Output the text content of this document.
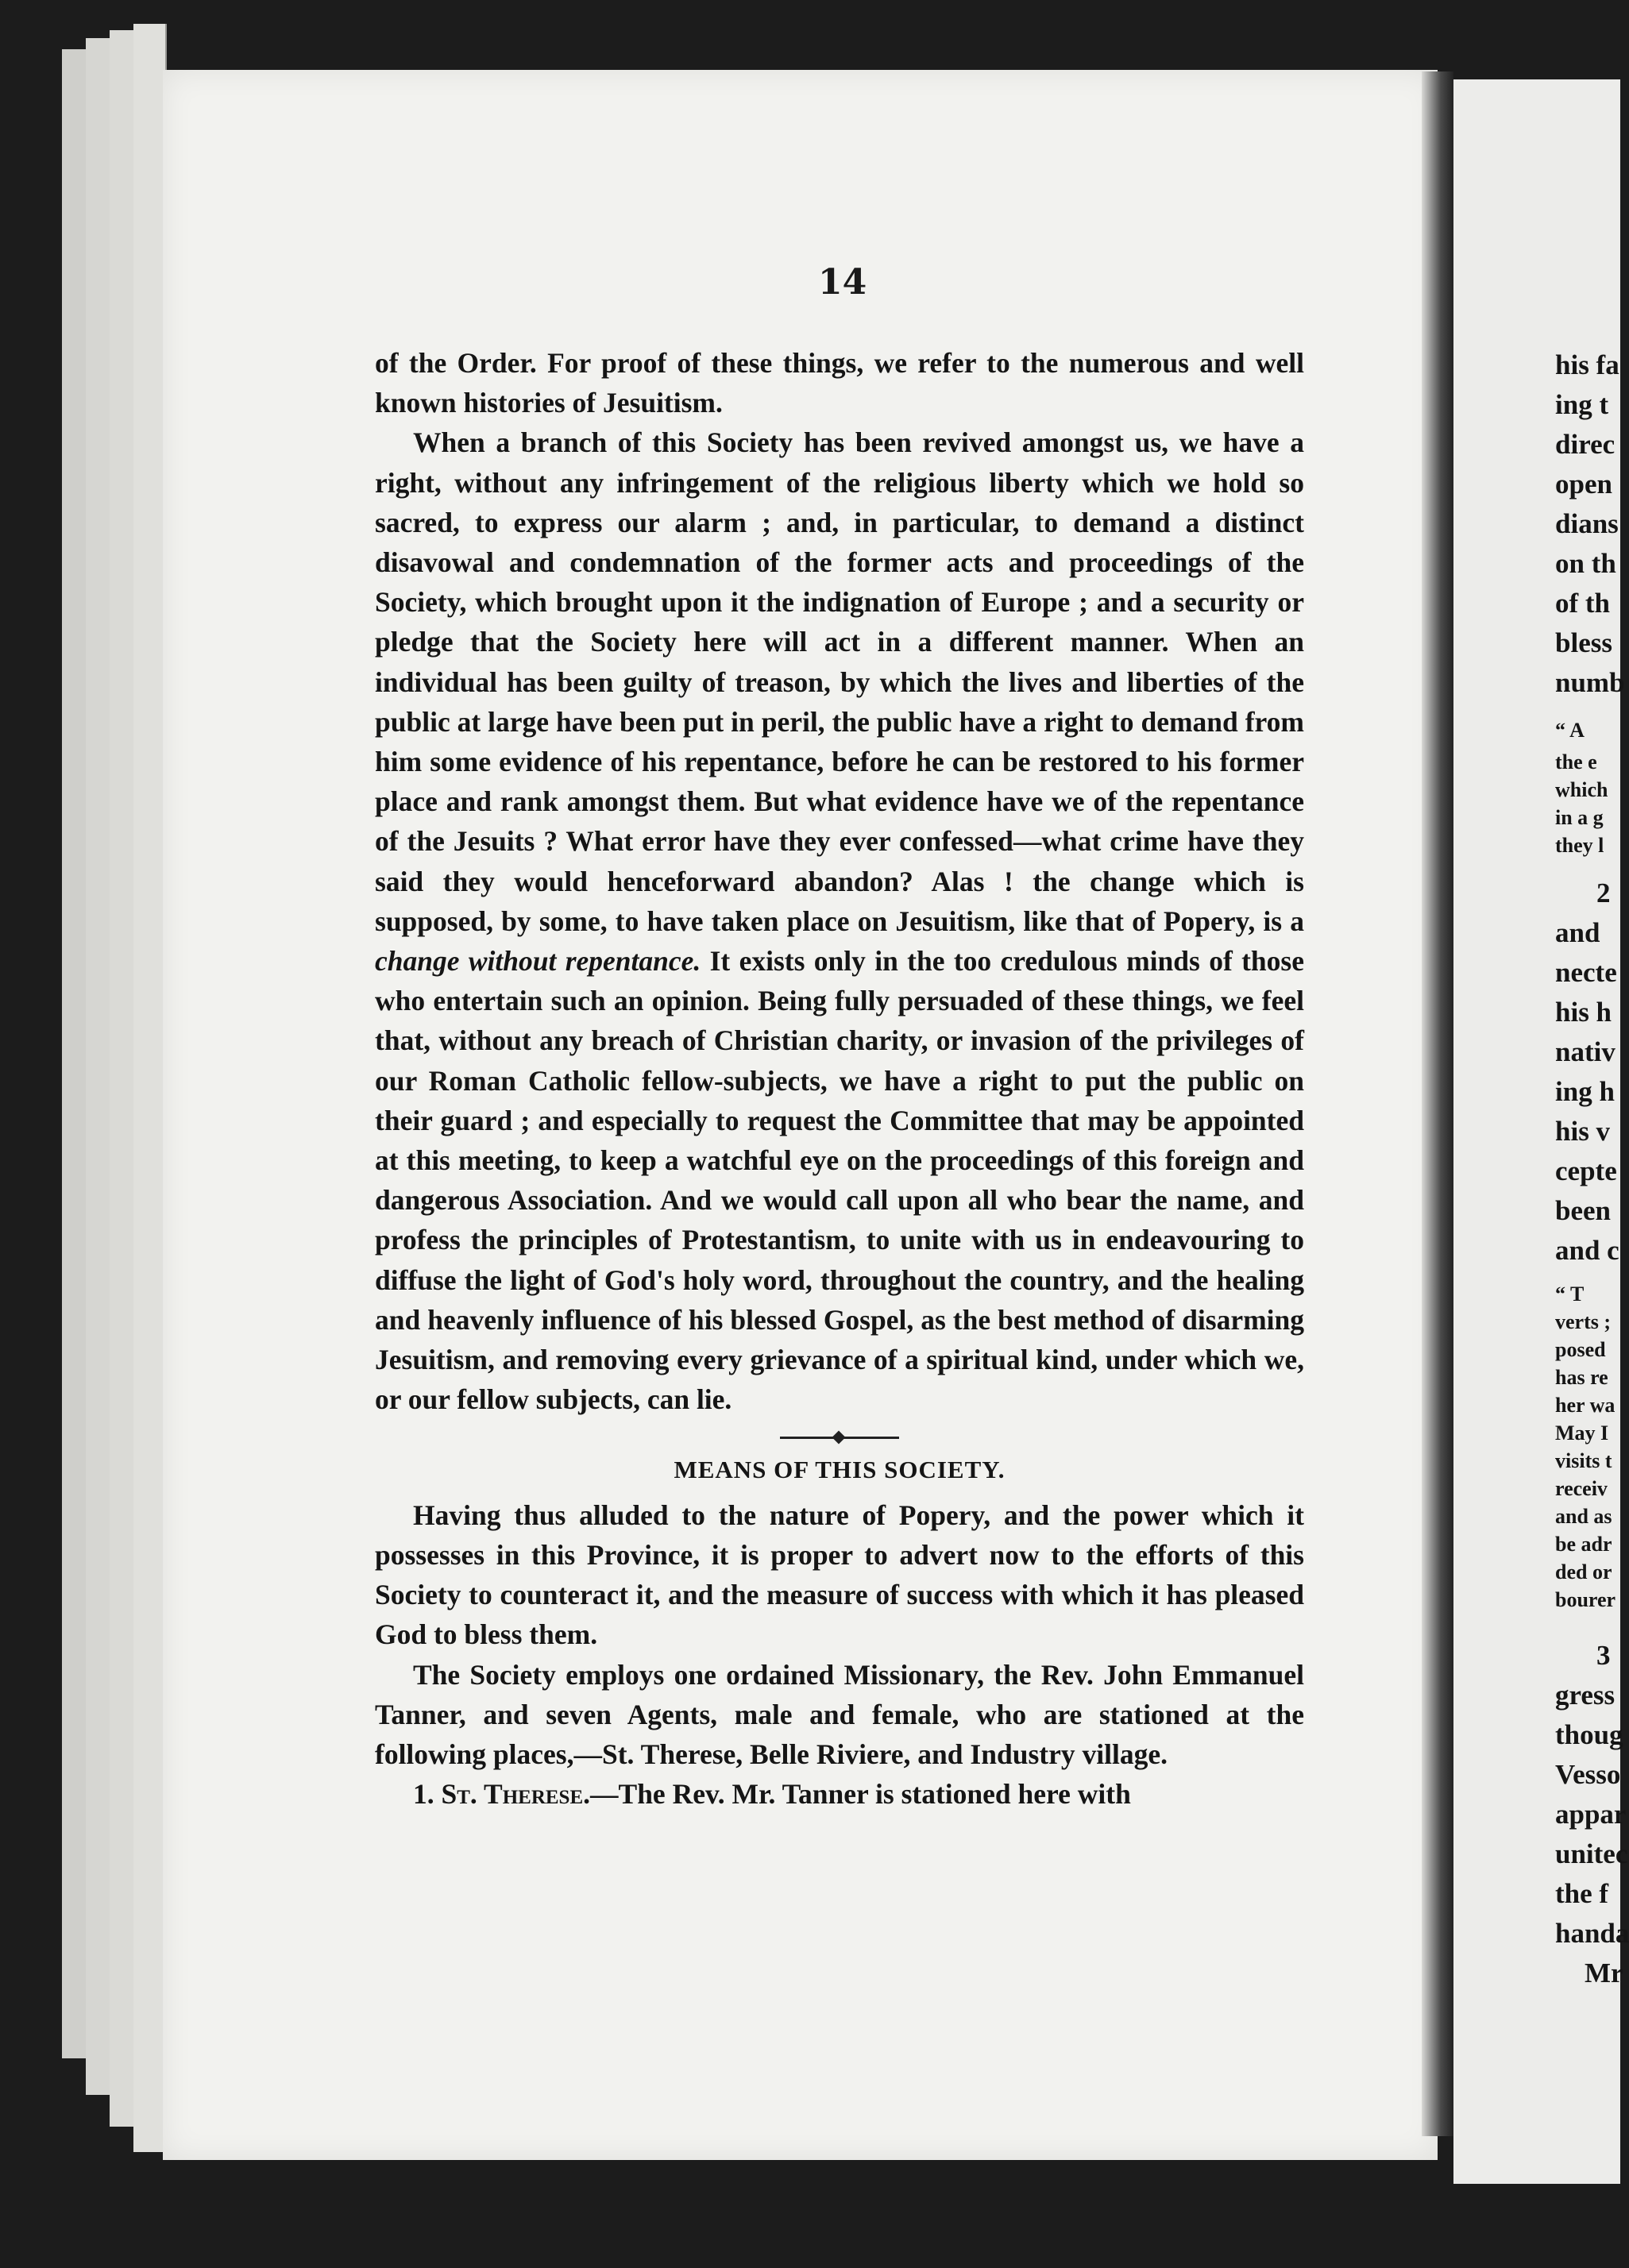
14

of the Order. For proof of these things, we refer to the numerous and well known histories of Jesuitism.

When a branch of this Society has been revived amongst us, we have a right, without any infringement of the religious liberty which we hold so sacred, to express our alarm ; and, in particular, to demand a distinct disavowal and condemnation of the former acts and proceedings of the Society, which brought upon it the indignation of Europe ; and a security or pledge that the Society here will act in a different manner. When an individual has been guilty of treason, by which the lives and liberties of the public at large have been put in peril, the public have a right to demand from him some evidence of his repentance, before he can be restored to his former place and rank amongst them. But what evidence have we of the repentance of the Jesuits ? What error have they ever confessed—what crime have they said they would henceforward abandon? Alas ! the change which is supposed, by some, to have taken place on Jesuitism, like that of Popery, is a change without repentance. It exists only in the too credulous minds of those who entertain such an opinion. Being fully persuaded of these things, we feel that, without any breach of Christian charity, or invasion of the privileges of our Roman Catholic fellow-subjects, we have a right to put the public on their guard ; and especially to request the Committee that may be appointed at this meeting, to keep a watchful eye on the proceedings of this foreign and dangerous Association. And we would call upon all who bear the name, and profess the principles of Protestantism, to unite with us in endeavouring to diffuse the light of God's holy word, throughout the country, and the healing and heavenly influence of his blessed Gospel, as the best method of disarming Jesuitism, and removing every grievance of a spiritual kind, under which we, or our fellow subjects, can lie.

MEANS OF THIS SOCIETY.

Having thus alluded to the nature of Popery, and the power which it possesses in this Province, it is proper to advert now to the efforts of this Society to counteract it, and the measure of success with which it has pleased God to bless them.

The Society employs one ordained Missionary, the Rev. John Emmanuel Tanner, and seven Agents, male and female, who are stationed at the following places,—St. Therese, Belle Riviere, and Industry village.

1. St. Therese.—The Rev. Mr. Tanner is stationed here with

his fa
ing t
direc
open
dians
on th
of th
bless
numb
“ A
the e
which
in a g
they l
2
and
necte
his h
nativ
ing h
his v
cepte
been
and c
“ T
verts ;
posed
has re
her wa
May I
visits t
receiv
and as
be adr
ded or
bourer
3
gress
thoug
Vesso
appar
unitec
the f
handa
Mr
